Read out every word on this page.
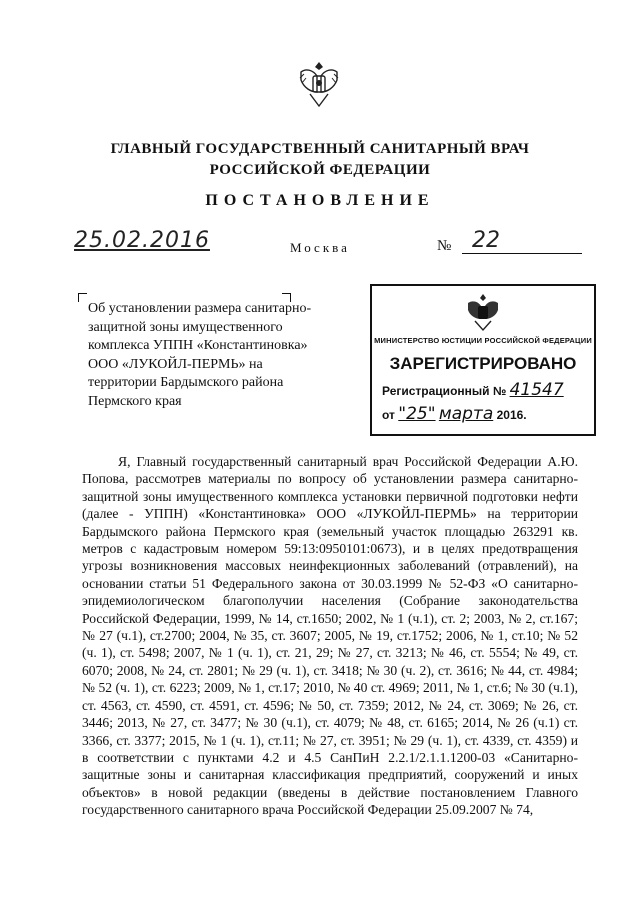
ГЛАВНЫЙ ГОСУДАРСТВЕННЫЙ САНИТАРНЫЙ ВРАЧ
РОССИЙСКОЙ ФЕДЕРАЦИИ
ПОСТАНОВЛЕНИЕ
25.02.2016	Москва	№ 22
Об установлении размера санитарно-защитной зоны имущественного комплекса УППН «Константиновка» ООО «ЛУКОЙЛ-ПЕРМЬ» на территории Бардымского района Пермского края
МИНИСТЕРСТВО ЮСТИЦИИ РОССИЙСКОЙ ФЕДЕРАЦИИ
ЗАРЕГИСТРИРОВАНО
Регистрационный № 41547
от "25" марта 2016.

Я, Главный государственный санитарный врач Российской Федерации А.Ю. Попова, рассмотрев материалы по вопросу об установлении размера санитарно-защитной зоны имущественного комплекса установки первичной подготовки нефти (далее - УППН) «Константиновка» ООО «ЛУКОЙЛ-ПЕРМЬ» на территории Бардымского района Пермского края (земельный участок площадью 263291 кв. метров с кадастровым номером 59:13:0950101:0673), и в целях предотвращения угрозы возникновения массовых неинфекционных заболеваний (отравлений), на основании статьи 51 Федерального закона от 30.03.1999 № 52-ФЗ «О санитарно-эпидемиологическом благополучии населения (Собрание законодательства Российской Федерации, 1999, № 14, ст.1650; 2002, № 1 (ч.1), ст. 2; 2003, № 2, ст.167; № 27 (ч.1), ст.2700; 2004, № 35, ст. 3607; 2005, № 19, ст.1752; 2006, № 1, ст.10; № 52 (ч. 1), ст. 5498; 2007, № 1 (ч. 1), ст. 21, 29; № 27, ст. 3213; № 46, ст. 5554; № 49, ст. 6070; 2008, № 24, ст. 2801; № 29 (ч. 1), ст. 3418; № 30 (ч. 2), ст. 3616; № 44, ст. 4984; № 52 (ч. 1), ст. 6223; 2009, № 1, ст.17; 2010, № 40 ст. 4969; 2011, № 1, ст.6; № 30 (ч.1), ст. 4563, ст. 4590, ст. 4591, ст. 4596; № 50, ст. 7359; 2012, № 24, ст. 3069; № 26, ст. 3446; 2013, № 27, ст. 3477; № 30 (ч.1), ст. 4079; № 48, ст. 6165; 2014, № 26 (ч.1) ст. 3366, ст. 3377; 2015, № 1 (ч. 1), ст.11; № 27, ст. 3951; № 29 (ч. 1), ст. 4339, ст. 4359) и в соответствии с пунктами 4.2 и 4.5 СанПиН 2.2.1/2.1.1.1200-03 «Санитарно-защитные зоны и санитарная классификация предприятий, сооружений и иных объектов» в новой редакции (введены в действие постановлением Главного государственного санитарного врача Российской Федерации 25.09.2007 № 74,
